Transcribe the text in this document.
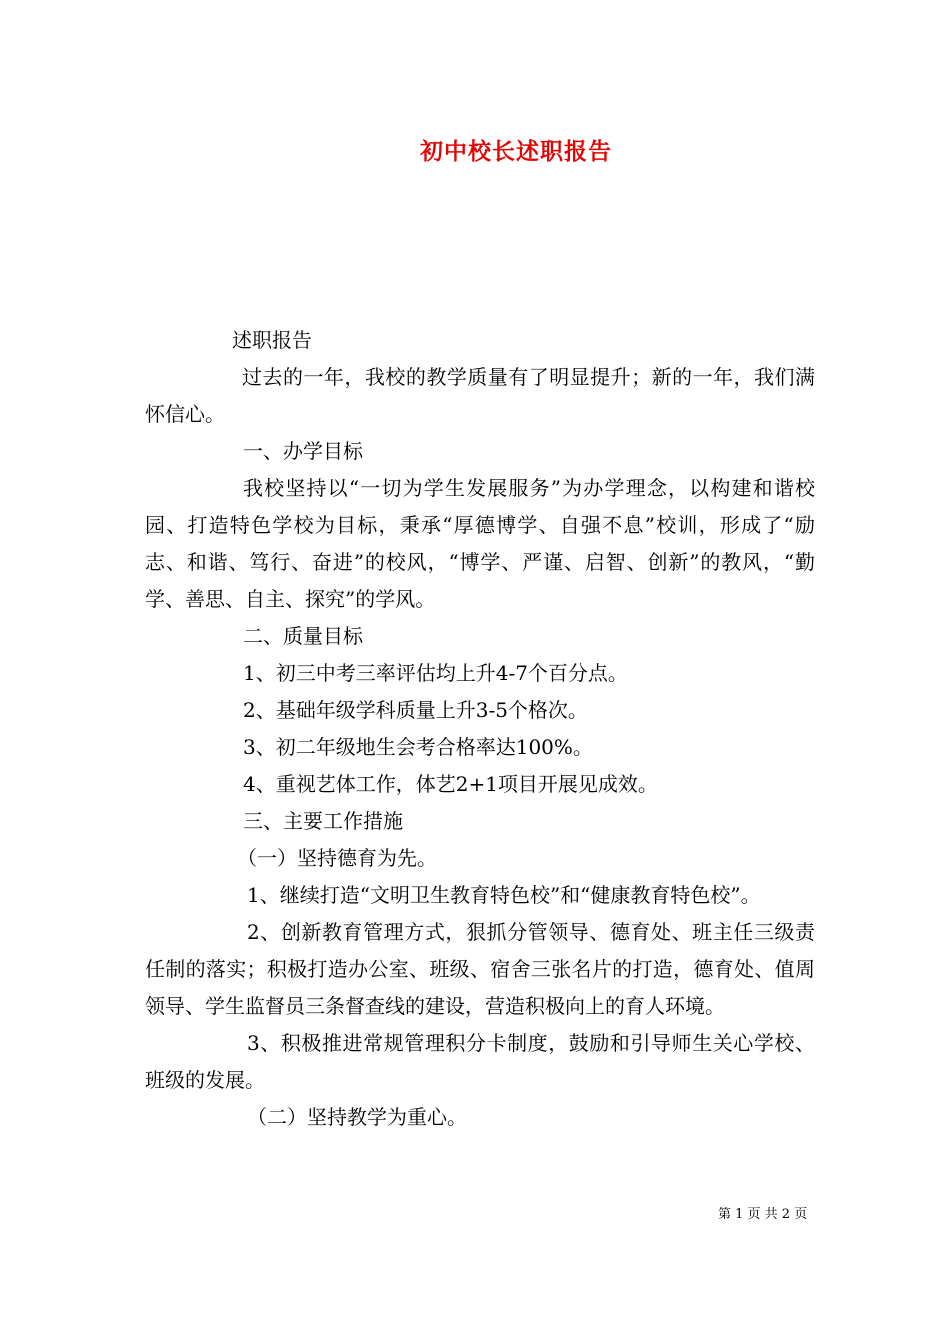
初中校长述职报告

述职报告

过去的一年，我校的教学质量有了明显提升；新的一年，我们满怀信心。

一、办学目标

我校坚持以“一切为学生发展服务”为办学理念，以构建和谐校园、打造特色学校为目标，秉承“厚德博学、自强不息”校训，形成了“励志、和谐、笃行、奋进”的校风，“博学、严谨、启智、创新”的教风，“勤学、善思、自主、探究”的学风。

二、质量目标

1、初三中考三率评估均上升4-7个百分点。

2、基础年级学科质量上升3-5个格次。

3、初二年级地生会考合格率达100%。

4、重视艺体工作，体艺2+1项目开展见成效。

三、主要工作措施

（一）坚持德育为先。

1、继续打造“文明卫生教育特色校”和“健康教育特色校”。

2、创新教育管理方式，狠抓分管领导、德育处、班主任三级责任制的落实；积极打造办公室、班级、宿舍三张名片的打造，德育处、值周领导、学生监督员三条督查线的建设，营造积极向上的育人环境。

3、积极推进常规管理积分卡制度，鼓励和引导师生关心学校、班级的发展。

（二）坚持教学为重心。

第 1 页 共 2 页
